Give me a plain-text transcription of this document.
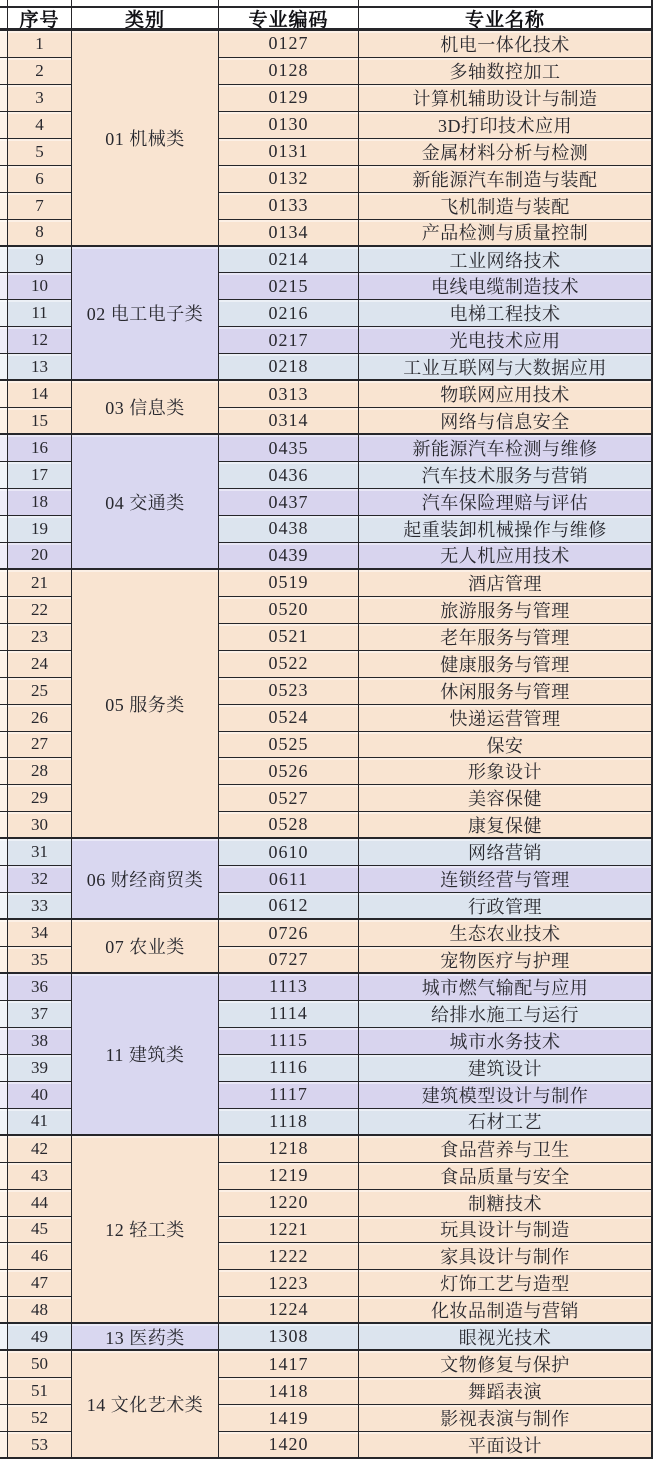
序号	类别	专业编码	专业名称
01 机械类
1	0127	机电一体化技术
2	0128	多轴数控加工
3	0129	计算机辅助设计与制造
4	0130	3D打印技术应用
5	0131	金属材料分析与检测
6	0132	新能源汽车制造与装配
7	0133	飞机制造与装配
8	0134	产品检测与质量控制
02 电工电子类
9	0214	工业网络技术
10	0215	电线电缆制造技术
11	0216	电梯工程技术
12	0217	光电技术应用
13	0218	工业互联网与大数据应用
03 信息类
14	0313	物联网应用技术
15	0314	网络与信息安全
04 交通类
16	0435	新能源汽车检测与维修
17	0436	汽车技术服务与营销
18	0437	汽车保险理赔与评估
19	0438	起重装卸机械操作与维修
20	0439	无人机应用技术
05 服务类
21	0519	酒店管理
22	0520	旅游服务与管理
23	0521	老年服务与管理
24	0522	健康服务与管理
25	0523	休闲服务与管理
26	0524	快递运营管理
27	0525	保安
28	0526	形象设计
29	0527	美容保健
30	0528	康复保健
06 财经商贸类
31	0610	网络营销
32	0611	连锁经营与管理
33	0612	行政管理
07 农业类
34	0726	生态农业技术
35	0727	宠物医疗与护理
11 建筑类
36	1113	城市燃气输配与应用
37	1114	给排水施工与运行
38	1115	城市水务技术
39	1116	建筑设计
40	1117	建筑模型设计与制作
41	1118	石材工艺
12 轻工类
42	1218	食品营养与卫生
43	1219	食品质量与安全
44	1220	制糖技术
45	1221	玩具设计与制造
46	1222	家具设计与制作
47	1223	灯饰工艺与造型
48	1224	化妆品制造与营销
13 医药类
49	1308	眼视光技术
14 文化艺术类
50	1417	文物修复与保护
51	1418	舞蹈表演
52	1419	影视表演与制作
53	1420	平面设计
